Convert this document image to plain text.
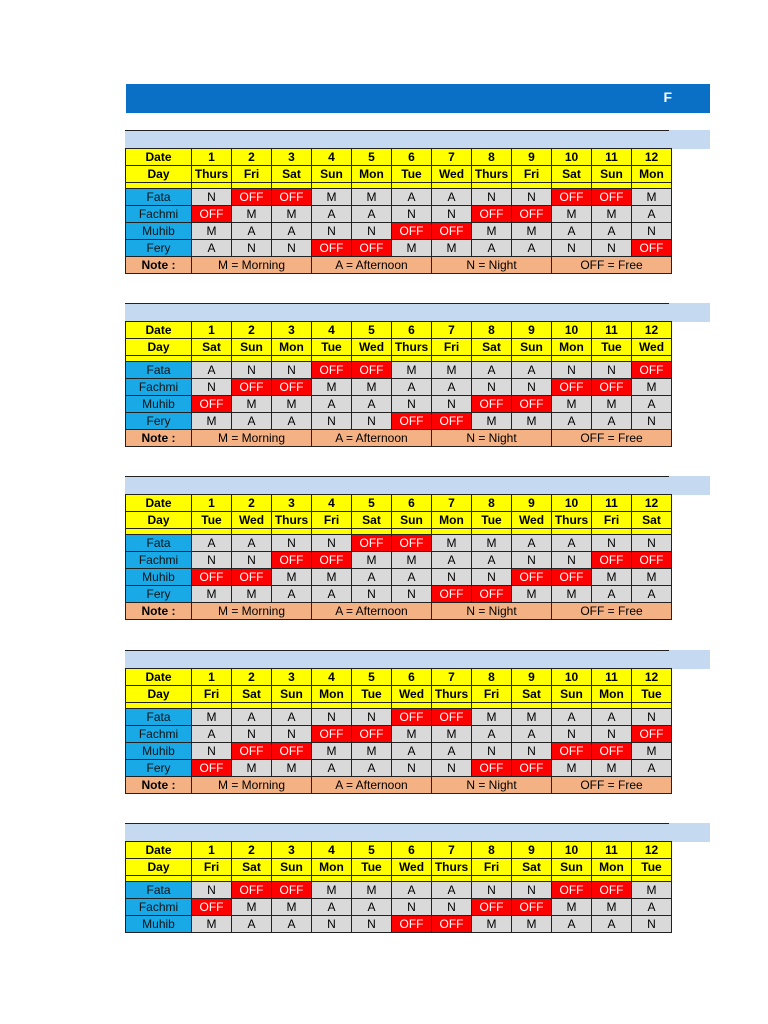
F
Date	1	2	3	4	5	6	7	8	9	10	11	12
Day	Thurs	Fri	Sat	Sun	Mon	Tue	Wed	Thurs	Fri	Sat	Sun	Mon

Fata	N	OFF	OFF	M	M	A	A	N	N	OFF	OFF	M
Fachmi	OFF	M	M	A	A	N	N	OFF	OFF	M	M	A
Muhib	M	A	A	N	N	OFF	OFF	M	M	A	A	N
Fery	A	N	N	OFF	OFF	M	M	A	A	N	N	OFF
Note :	M = Morning			A = Afternoon			N = Night			OFF = Free		
Date	1	2	3	4	5	6	7	8	9	10	11	12
Day	Sat	Sun	Mon	Tue	Wed	Thurs	Fri	Sat	Sun	Mon	Tue	Wed

Fata	A	N	N	OFF	OFF	M	M	A	A	N	N	OFF
Fachmi	N	OFF	OFF	M	M	A	A	N	N	OFF	OFF	M
Muhib	OFF	M	M	A	A	N	N	OFF	OFF	M	M	A
Fery	M	A	A	N	N	OFF	OFF	M	M	A	A	N
Note :	M = Morning			A = Afternoon			N = Night			OFF = Free		
Date	1	2	3	4	5	6	7	8	9	10	11	12
Day	Tue	Wed	Thurs	Fri	Sat	Sun	Mon	Tue	Wed	Thurs	Fri	Sat

Fata	A	A	N	N	OFF	OFF	M	M	A	A	N	N
Fachmi	N	N	OFF	OFF	M	M	A	A	N	N	OFF	OFF
Muhib	OFF	OFF	M	M	A	A	N	N	OFF	OFF	M	M
Fery	M	M	A	A	N	N	OFF	OFF	M	M	A	A
Note :	M = Morning			A = Afternoon			N = Night			OFF = Free		
Date	1	2	3	4	5	6	7	8	9	10	11	12
Day	Fri	Sat	Sun	Mon	Tue	Wed	Thurs	Fri	Sat	Sun	Mon	Tue

Fata	M	A	A	N	N	OFF	OFF	M	M	A	A	N
Fachmi	A	N	N	OFF	OFF	M	M	A	A	N	N	OFF
Muhib	N	OFF	OFF	M	M	A	A	N	N	OFF	OFF	M
Fery	OFF	M	M	A	A	N	N	OFF	OFF	M	M	A
Note :	M = Morning			A = Afternoon			N = Night			OFF = Free		
Date	1	2	3	4	5	6	7	8	9	10	11	12
Day	Fri	Sat	Sun	Mon	Tue	Wed	Thurs	Fri	Sat	Sun	Mon	Tue

Fata	N	OFF	OFF	M	M	A	A	N	N	OFF	OFF	M
Fachmi	OFF	M	M	A	A	N	N	OFF	OFF	M	M	A
Muhib	M	A	A	N	N	OFF	OFF	M	M	A	A	N
